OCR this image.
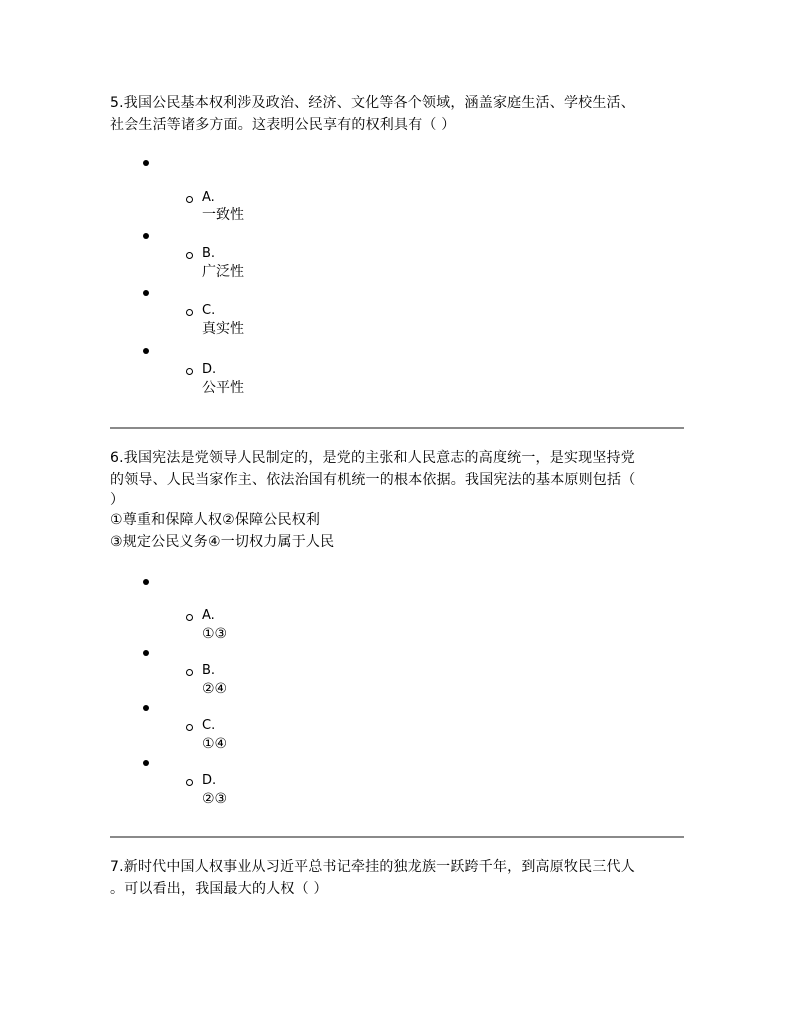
5.我国公民基本权利涉及政治、经济、文化等各个领域，涵盖家庭生活、学校生活、
社会生活等诸多方面。这表明公民享有的权利具有（ ）

A.
一致性
B.
广泛性
C.
真实性
D.
公平性

6.我国宪法是党领导人民制定的，是党的主张和人民意志的高度统一，是实现坚持党
的领导、人民当家作主、依法治国有机统一的根本依据。我国宪法的基本原则包括（
）
①尊重和保障人权②保障公民权利
③规定公民义务④一切权力属于人民

A.
①③
B.
②④
C.
①④
D.
②③

7.新时代中国人权事业从习近平总书记牵挂的独龙族一跃跨千年，到高原牧民三代人
。可以看出，我国最大的人权（ ）
